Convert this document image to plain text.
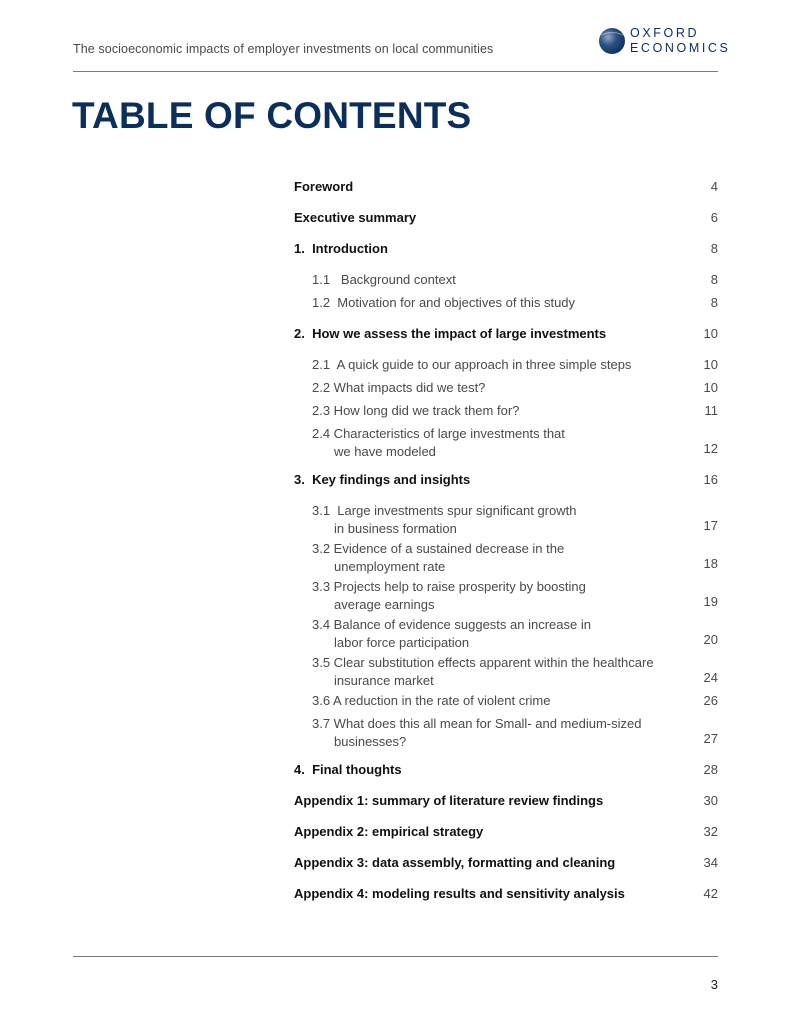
The socioeconomic impacts of employer investments on local communities
OXFORD
ECONOMICS
TABLE OF CONTENTS
Foreword	4
Executive summary	6
1.  Introduction	8
1.1   Background context	8
1.2  Motivation for and objectives of this study	8
2.  How we assess the impact of large investments	10
2.1  A quick guide to our approach in three simple steps	10
2.2 What impacts did we test?	10
2.3 How long did we track them for?	11
2.4 Characteristics of large investments that
we have modeled	12
3.  Key findings and insights	16
3.1  Large investments spur significant growth
in business formation	17
3.2 Evidence of a sustained decrease in the
unemployment rate	18
3.3 Projects help to raise prosperity by boosting
average earnings	19
3.4 Balance of evidence suggests an increase in
labor force participation	20
3.5 Clear substitution effects apparent within the healthcare
insurance market	24
3.6 A reduction in the rate of violent crime	26
3.7 What does this all mean for Small- and medium-sized
businesses?	27
4.  Final thoughts	28
Appendix 1: summary of literature review findings	30
Appendix 2: empirical strategy	32
Appendix 3: data assembly, formatting and cleaning	34
Appendix 4: modeling results and sensitivity analysis	42
3
